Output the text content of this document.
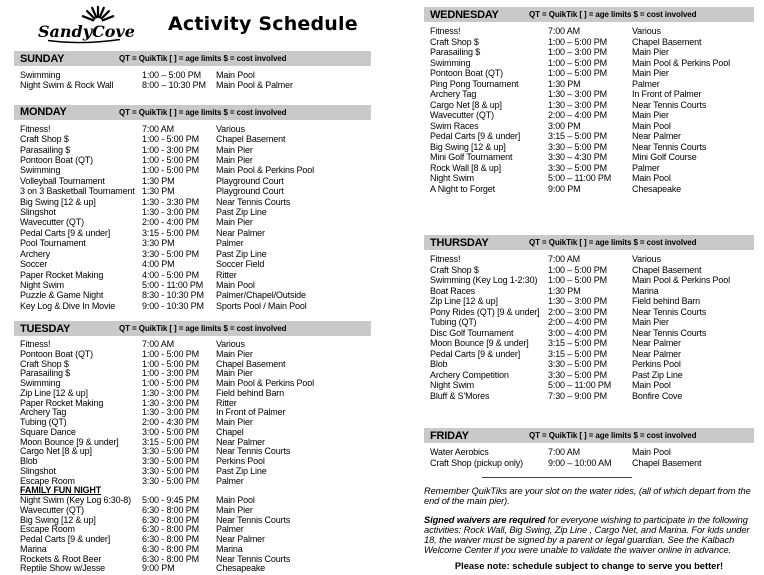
SandyCove Activity Schedule
SUNDAY	QT = QuikTik [ ] = age limits $ = cost involved
Swimming	1:00 – 5:00 PM	Main Pool
Night Swim & Rock Wall	8:00 – 10:30 PM	Main Pool & Palmer
MONDAY	QT = QuikTik [ ] = age limits $ = cost involved
Fitness!	7:00 AM	Various
Craft Shop $	1:00 - 5:00 PM	Chapel Basement
Parasailing $	1:00 - 3:00 PM	Main Pier
Pontoon Boat (QT)	1:00 - 5:00 PM	Main Pier
Swimming	1:00 - 5:00 PM	Main Pool & Perkins Pool
Volleyball Tournament	1:30 PM	Playground Court
3 on 3 Basketball Tournament 1:30 PM	Playground Court
Big Swing [12 & up]	1:30 - 3:30 PM	Near Tennis Courts
Slingshot	1:30 - 3:00 PM	Past Zip Line
Wavecutter (QT)	2:00 - 4:00 PM	Main Pier
Pedal Carts [9 & under]	3:15 - 5:00 PM	Near Palmer
Pool Tournament	3:30 PM	Palmer
Archery	3:30 - 5:00 PM	Past Zip Line
Soccer	4:00 PM	Soccer Field
Paper Rocket Making	4:00 - 5:00 PM	Ritter
Night Swim	5:00 - 11:00 PM	Main Pool
Puzzle & Game Night	8:30 - 10:30 PM	Palmer/Chapel/Outside
Key Log & Dive In Movie	9:00 - 10:30 PM	Sports Pool / Main Pool
TUESDAY	QT = QuikTik [ ] = age limits $ = cost involved
Fitness!	7:00 AM	Various
Pontoon Boat (QT)	1:00 - 5:00 PM	Main Pier
Craft Shop $	1:00 - 5:00 PM	Chapel Basement
Parasailing $	1:00 - 3:00 PM	Main Pier
Swimming	1:00 - 5:00 PM	Main Pool & Perkins Pool
Zip Line [12 & up]	1:30 - 3:00 PM	Field behind Barn
Paper Rocket Making	1:30 - 3:00 PM	Ritter
Archery Tag	1:30 - 3:00 PM	In Front of Palmer
Tubing (QT)	2:00 - 4:30 PM	Main Pier
Square Dance	3:00 - 5:00 PM	Chapel
Moon Bounce [9 & under]	3:15 - 5:00 PM	Near Palmer
Cargo Net [8 & up]	3:30 - 5:00 PM	Near Tennis Courts
Blob	3:30 - 5:00 PM	Perkins Pool
Slingshot	3:30 - 5:00 PM	Past Zip Line
Escape Room	3:30 - 5:00 PM	Palmer
FAMILY FUN NIGHT
Night Swim (Key Log 6:30-8)	5:00 - 9:45 PM	Main Pool
Wavecutter (QT)	6:30 - 8:00 PM	Main Pier
Big Swing [12 & up]	6:30 - 8:00 PM	Near Tennis Courts
Escape Room	6:30 - 8:00 PM	Palmer
Pedal Carts [9 & under]	6:30 - 8:00 PM	Near Palmer
Marina	6:30 - 8:00 PM	Marina
Rockets & Root Beer	6:30 - 8:00 PM	Near Tennis Courts
Reptile Show w/Jesse	9:00 PM	Chesapeake
WEDNESDAY	QT = QuikTik [ ] = age limits $ = cost involved
Fitness!	7:00 AM	Various
Craft Shop $	1:00 – 5:00 PM	Chapel Basement
Parasailing $	1:00 – 3:00 PM	Main Pier
Swimming	1:00 – 5:00 PM	Main Pool & Perkins Pool
Pontoon Boat (QT)	1:00 – 5:00 PM	Main Pier
Ping Pong Tournament	1:30 PM	Palmer
Archery Tag	1:30 – 3:00 PM	In Front of Palmer
Cargo Net [8 & up]	1:30 – 3:00 PM	Near Tennis Courts
Wavecutter (QT)	2:00 – 4:00 PM	Main Pier
Swim Races	3:00 PM	Main Pool
Pedal Carts [9 & under]	3:15 – 5:00 PM	Near Palmer
Big Swing [12 & up]	3:30 – 5:00 PM	Near Tennis Courts
Mini Golf Tournament	3:30 – 4:30 PM	Mini Golf Course
Rock Wall [8 & up]	3:30 – 5:00 PM	Palmer
Night Swim	5:00 – 11:00 PM	Main Pool
A Night to Forget	9:00 PM	Chesapeake
THURSDAY	QT = QuikTik [ ] = age limits $ = cost involved
Fitness!	7:00 AM	Various
Craft Shop $	1:00 – 5:00 PM	Chapel Basement
Swimming (Key Log 1-2:30)	1:00 – 5:00 PM	Main Pool & Perkins Pool
Boat Races	1:30 PM	Marina
Zip Line [12 & up]	1:30 – 3:00 PM	Field behind Barn
Pony Rides (QT) [9 & under] 2:00 – 3:00 PM	Near Tennis Courts
Tubing (QT)	2:00 – 4:00 PM	Main Pier
Disc Golf Tournament	3:00 – 4:00 PM	Near Tennis Courts
Moon Bounce [9 & under]	3:15 – 5:00 PM	Near Palmer
Pedal Carts [9 & under]	3:15 – 5:00 PM	Near Palmer
Blob	3:30 – 5:00 PM	Perkins Pool
Archery Competition	3:30 – 5:00 PM	Past Zip Line
Night Swim	5:00 – 11:00 PM	Main Pool
Bluff & S'Mores	7:30 – 9:00 PM	Bonfire Cove
FRIDAY	QT = QuikTik [ ] = age limits $ = cost involved
Water Aerobics	7:00 AM	Main Pool
Craft Shop (pickup only)	9:00 – 10:00 AM	Chapel Basement

Remember QuikTiks are your slot on the water rides, (all of which depart from the end of the main pier).

Signed waivers are required for everyone wishing to participate in the following activities: Rock Wall, Big Swing, Zip Line , Cargo Net, and Marina. For kids under 18, the waiver must be signed by a parent or legal guardian. See the Kalbach Welcome Center if you were unable to validate the waiver online in advance.

Please note: schedule subject to change to serve you better!
